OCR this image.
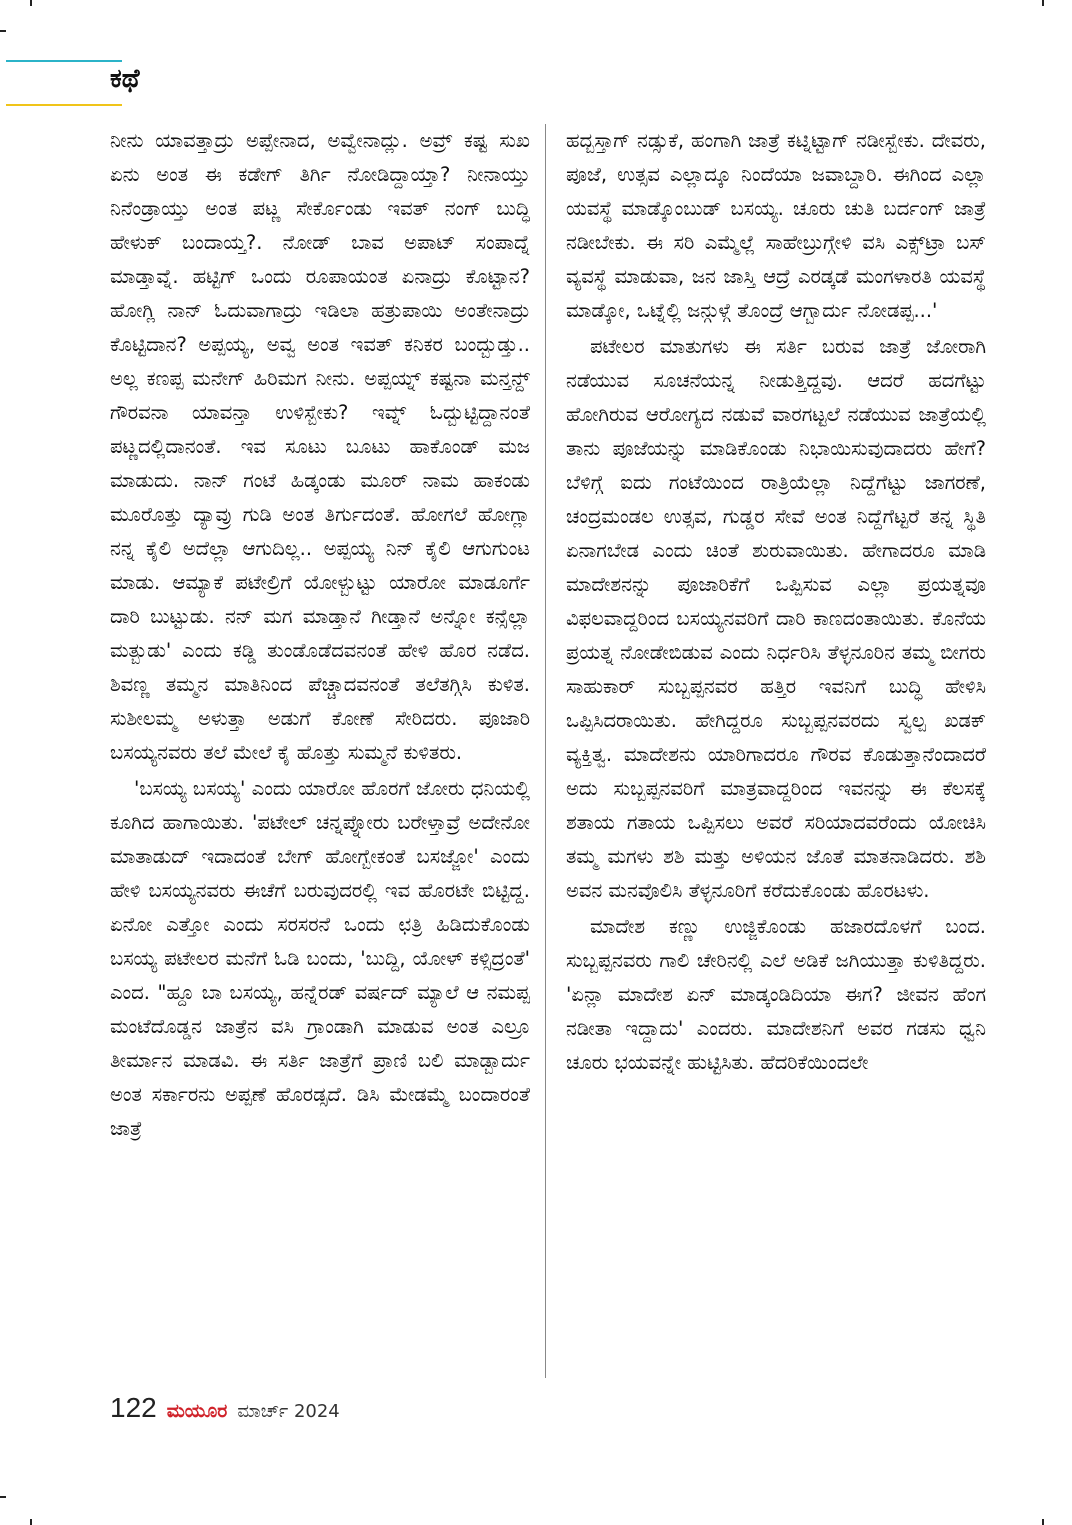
ಕಥೆ

ನೀನು ಯಾವತ್ತಾದ್ರು ಅಪ್ಪೇನಾದ, ಅವ್ವೇನಾದ್ಲು. ಅವ್ರ್ ಕಷ್ಟ ಸುಖ ಏನು ಅಂತ ಈ ಕಡೇಗ್ ತಿರ್ಗಿ ನೋಡಿದ್ದಾಯ್ತಾ? ನೀನಾಯ್ತು ನಿನೆಂಡ್ರಾಯ್ತು ಅಂತ ಪಟ್ಣ ಸೇರ್ಕೊಂಡು ಇವತ್ ನಂಗ್ ಬುದ್ಧಿ ಹೇಳುಕ್ ಬಂದಾಯ್ತ?. ನೋಡ್ ಬಾವ ಅಪಾಟ್ ಸಂಪಾದ್ನೆ ಮಾಡ್ತಾವ್ನೆ. ಹಟ್ಟಿಗ್ ಒಂದು ರೂಪಾಯಂತ ಏನಾದ್ರು ಕೊಟ್ಟಾನ? ಹೋಗ್ಲಿ ನಾನ್ ಓದುವಾಗಾದ್ರು ಇಡಿಲಾ ಹತ್ರುಪಾಯಿ ಅಂತೇನಾದ್ರು ಕೊಟ್ಟಿದಾನ? ಅಪ್ಪಯ್ಯ, ಅವ್ವ ಅಂತ ಇವತ್ ಕನಿಕರ ಬಂದ್ಬುಡ್ತು.. ಅಲ್ಲ ಕಣಪ್ಪ ಮನೇಗ್ ಹಿರಿಮಗ ನೀನು. ಅಪ್ಪಯ್ನ್ ಕಷ್ಟನಾ ಮನ್ತನ್ದ್ ಗೌರವನಾ ಯಾವನ್ತಾ ಉಳಿಸ್ಬೇಕು? ಇವ್ನ್ ಓದ್ಬುಟ್ಟಿದ್ದಾನಂತೆ ಪಟ್ಣದಲ್ಲಿದಾನಂತೆ. ಇವ ಸೂಟು ಬೂಟು ಹಾಕೊಂಡ್ ಮಜ ಮಾಡುದು. ನಾನ್ ಗಂಟೆ ಹಿಡ್ಕಂಡು ಮೂರ್ ನಾಮ ಹಾಕಂಡು ಮೂರೊತ್ತು ದ್ಯಾವ್ರು ಗುಡಿ ಅಂತ ತಿರ್ಗುದಂತೆ. ಹೋಗಲೆ ಹೋಗ್ಲಾ ನನ್ನ ಕೈಲಿ ಅದೆಲ್ಲಾ ಆಗುದಿಲ್ಲ.. ಅಪ್ಪಯ್ಯ ನಿನ್ ಕೈಲಿ ಆಗುಗುಂಟ ಮಾಡು. ಆಮ್ಯಾಕೆ ಪಟೇಲ್ರಿಗೆ ಯೋಳ್ಬುಟ್ಟು ಯಾರೋ ಮಾಡೂರ್ಗೆ ದಾರಿ ಬುಟ್ಟುಡು. ನನ್ ಮಗ ಮಾಡ್ತಾನೆ ಗೀಡ್ತಾನೆ ಅನ್ನೋ ಕನ್ಸೆಲ್ಲಾ ಮತ್ಬುಡು' ಎಂದು ಕಡ್ಡಿ ತುಂಡೊಡೆದವನಂತೆ ಹೇಳಿ ಹೊರ ನಡೆದ. ಶಿವಣ್ಣ ತಮ್ಮನ ಮಾತಿನಿಂದ ಪೆಚ್ಚಾದವನಂತೆ ತಲೆತಗ್ಗಿಸಿ ಕುಳಿತ. ಸುಶೀಲಮ್ಮ ಅಳುತ್ತಾ ಅಡುಗೆ ಕೋಣೆ ಸೇರಿದರು. ಪೂಜಾರಿ ಬಸಯ್ಯನವರು ತಲೆ ಮೇಲೆ ಕೈ ಹೊತ್ತು ಸುಮ್ಮನೆ ಕುಳಿತರು.

'ಬಸಯ್ಯ ಬಸಯ್ಯ' ಎಂದು ಯಾರೋ ಹೊರಗೆ ಜೋರು ಧನಿಯಲ್ಲಿ ಕೂಗಿದ ಹಾಗಾಯಿತು. 'ಪಟೇಲ್ ಚನ್ನಪ್ನೋರು ಬರೇಳ್ತಾವ್ರೆ ಅದೇನೋ ಮಾತಾಡುದ್ ಇದಾದಂತೆ ಬೇಗ್ ಹೋಗ್ಬೇಕಂತೆ ಬಸಜ್ಜೋ' ಎಂದು ಹೇಳಿ ಬಸಯ್ಯನವರು ಈಚೆಗೆ ಬರುವುದರಲ್ಲಿ ಇವ ಹೊರಟೇ ಬಿಟ್ಟಿದ್ದ. ಏನೋ ಎತ್ತೋ ಎಂದು ಸರಸರನೆ ಒಂದು ಛತ್ರಿ ಹಿಡಿದುಕೊಂಡು ಬಸಯ್ಯ ಪಟೇಲರ ಮನೆಗೆ ಓಡಿ ಬಂದು, 'ಬುದ್ದಿ, ಯೋಳ್ ಕಳ್ಸಿದ್ರಂತೆ' ಎಂದ. "ಹ್ದೂ ಬಾ ಬಸಯ್ಯ, ಹನ್ನೆರಡ್ ವರ್ಷದ್ ಮ್ಯಾಲೆ ಆ ನಮಪ್ಪ ಮಂಟೆದೊಡ್ಡನ ಜಾತ್ರೆನ ವಸಿ ಗ್ರಾಂಡಾಗಿ ಮಾಡುವ ಅಂತ ಎಲ್ರೂ ತೀರ್ಮಾನ ಮಾಡವಿ. ಈ ಸರ್ತಿ ಜಾತ್ರೆಗೆ ಪ್ರಾಣಿ ಬಲಿ ಮಾಡ್ಬಾರ್ದು ಅಂತ ಸರ್ಕಾರನು ಅಪ್ಪಣೆ ಹೊರಡ್ಸದೆ. ಡಿಸಿ ಮೇಡಮ್ಮೆ ಬಂದಾರಂತೆ ಜಾತ್ರೆ

ಹದ್ಬಸ್ತಾಗ್ ನಡ್ಸುಕೆ, ಹಂಗಾಗಿ ಜಾತ್ರೆ ಕಟ್ನಿಟ್ಟಾಗ್ ನಡೀಸ್ಬೇಕು. ದೇವರು, ಪೂಜೆ, ಉತ್ಸವ ಎಲ್ಲಾದ್ಕೂ ನಿಂದೆಯಾ ಜವಾಬ್ದಾರಿ. ಈಗಿಂದ ಎಲ್ಲಾ ಯವಸ್ಥೆ ಮಾಡ್ಕೊಂಬುಡ್ ಬಸಯ್ಯ. ಚೂರು ಚುತಿ ಬರ್ದಂಗ್ ಜಾತ್ರೆ ನಡೀಬೇಕು. ಈ ಸರಿ ಎಮ್ಮೆಲ್ಲೆ ಸಾಹೇಬ್ರುಗ್ಗೇಳಿ ವಸಿ ಎಕ್ಸ್‌ಟ್ರಾ ಬಸ್ ವ್ಯವಸ್ಥೆ ಮಾಡುವಾ, ಜನ ಜಾಸ್ತಿ ಆದ್ರೆ ಎರಡ್ಕಡೆ ಮಂಗಳಾರತಿ ಯವಸ್ಥೆ ಮಾಡ್ಕೋ, ಒಟ್ನೆಲ್ಲಿ ಜನ್ಗುಳ್ಗೆ ತೊಂದ್ರೆ ಆಗ್ಬಾರ್ದು ನೋಡಪ್ಪ...'

ಪಟೇಲರ ಮಾತುಗಳು ಈ ಸರ್ತಿ ಬರುವ ಜಾತ್ರೆ ಜೋರಾಗಿ ನಡೆಯುವ ಸೂಚನೆಯನ್ನ ನೀಡುತ್ತಿದ್ದವು. ಆದರೆ ಹದಗೆಟ್ಟು ಹೋಗಿರುವ ಆರೋಗ್ಯದ ನಡುವೆ ವಾರಗಟ್ಟಲೆ ನಡೆಯುವ ಜಾತ್ರೆಯಲ್ಲಿ ತಾನು ಪೂಜೆಯನ್ನು ಮಾಡಿಕೊಂಡು ನಿಭಾಯಿಸುವುದಾದರು ಹೇಗೆ? ಬೆಳಿಗ್ಗೆ ಐದು ಗಂಟೆಯಿಂದ ರಾತ್ರಿಯೆಲ್ಲಾ ನಿದ್ದೆಗೆಟ್ಟು ಜಾಗರಣೆ, ಚಂದ್ರಮಂಡಲ ಉತ್ಸವ, ಗುಡ್ಡರ ಸೇವೆ ಅಂತ ನಿದ್ದೆಗೆಟ್ಟರೆ ತನ್ನ ಸ್ಥಿತಿ ಏನಾಗಬೇಡ ಎಂದು ಚಿಂತೆ ಶುರುವಾಯಿತು. ಹೇಗಾದರೂ ಮಾಡಿ ಮಾದೇಶನನ್ನು ಪೂಜಾರಿಕೆಗೆ ಒಪ್ಪಿಸುವ ಎಲ್ಲಾ ಪ್ರಯತ್ನವೂ ವಿಫಲವಾದ್ದರಿಂದ ಬಸಯ್ಯನವರಿಗೆ ದಾರಿ ಕಾಣದಂತಾಯಿತು. ಕೊನೆಯ ಪ್ರಯತ್ನ ನೋಡೇಬಿಡುವ ಎಂದು ನಿರ್ಧರಿಸಿ ತೆಳ್ಳನೂರಿನ ತಮ್ಮ ಬೀಗರು ಸಾಹುಕಾರ್ ಸುಬ್ಬಪ್ಪನವರ ಹತ್ತಿರ ಇವನಿಗೆ ಬುದ್ಧಿ ಹೇಳಿಸಿ ಒಪ್ಪಿಸಿದರಾಯಿತು. ಹೇಗಿದ್ದರೂ ಸುಬ್ಬಪ್ಪನವರದು ಸ್ವಲ್ಪ ಖಡಕ್ ವ್ಯಕ್ತಿತ್ವ. ಮಾದೇಶನು ಯಾರಿಗಾದರೂ ಗೌರವ ಕೊಡುತ್ತಾನೆಂದಾದರೆ ಅದು ಸುಬ್ಬಪ್ಪನವರಿಗೆ ಮಾತ್ರವಾದ್ದರಿಂದ ಇವನನ್ನು ಈ ಕೆಲಸಕ್ಕೆ ಶತಾಯ ಗತಾಯ ಒಪ್ಪಿಸಲು ಅವರೆ ಸರಿಯಾದವರೆಂದು ಯೋಚಿಸಿ ತಮ್ಮ ಮಗಳು ಶಶಿ ಮತ್ತು ಅಳಿಯನ ಜೊತೆ ಮಾತನಾಡಿದರು. ಶಶಿ ಅವನ ಮನವೊಲಿಸಿ ತೆಳ್ಳನೂರಿಗೆ ಕರೆದುಕೊಂಡು ಹೊರಟಳು.

ಮಾದೇಶ ಕಣ್ಣು ಉಜ್ಜಿಕೊಂಡು ಹಜಾರದೊಳಗೆ ಬಂದ. ಸುಬ್ಬಪ್ಪನವರು ಗಾಲಿ ಚೇರಿನಲ್ಲಿ ಎಲೆ ಅಡಿಕೆ ಜಗಿಯುತ್ತಾ ಕುಳಿತಿದ್ದರು. 'ಏನ್ಲಾ ಮಾದೇಶ ಏನ್ ಮಾಡ್ಕಂಡಿದಿಯಾ ಈಗ? ಜೀವನ ಹೆಂಗ ನಡೀತಾ ಇದ್ದಾದು' ಎಂದರು. ಮಾದೇಶನಿಗೆ ಅವರ ಗಡಸು ಧ್ವನಿ ಚೂರು ಭಯವನ್ನೇ ಹುಟ್ಟಿಸಿತು. ಹೆದರಿಕೆಯಿಂದಲೇ

122 ಮಯೂರ ಮಾರ್ಚ್ 2024
